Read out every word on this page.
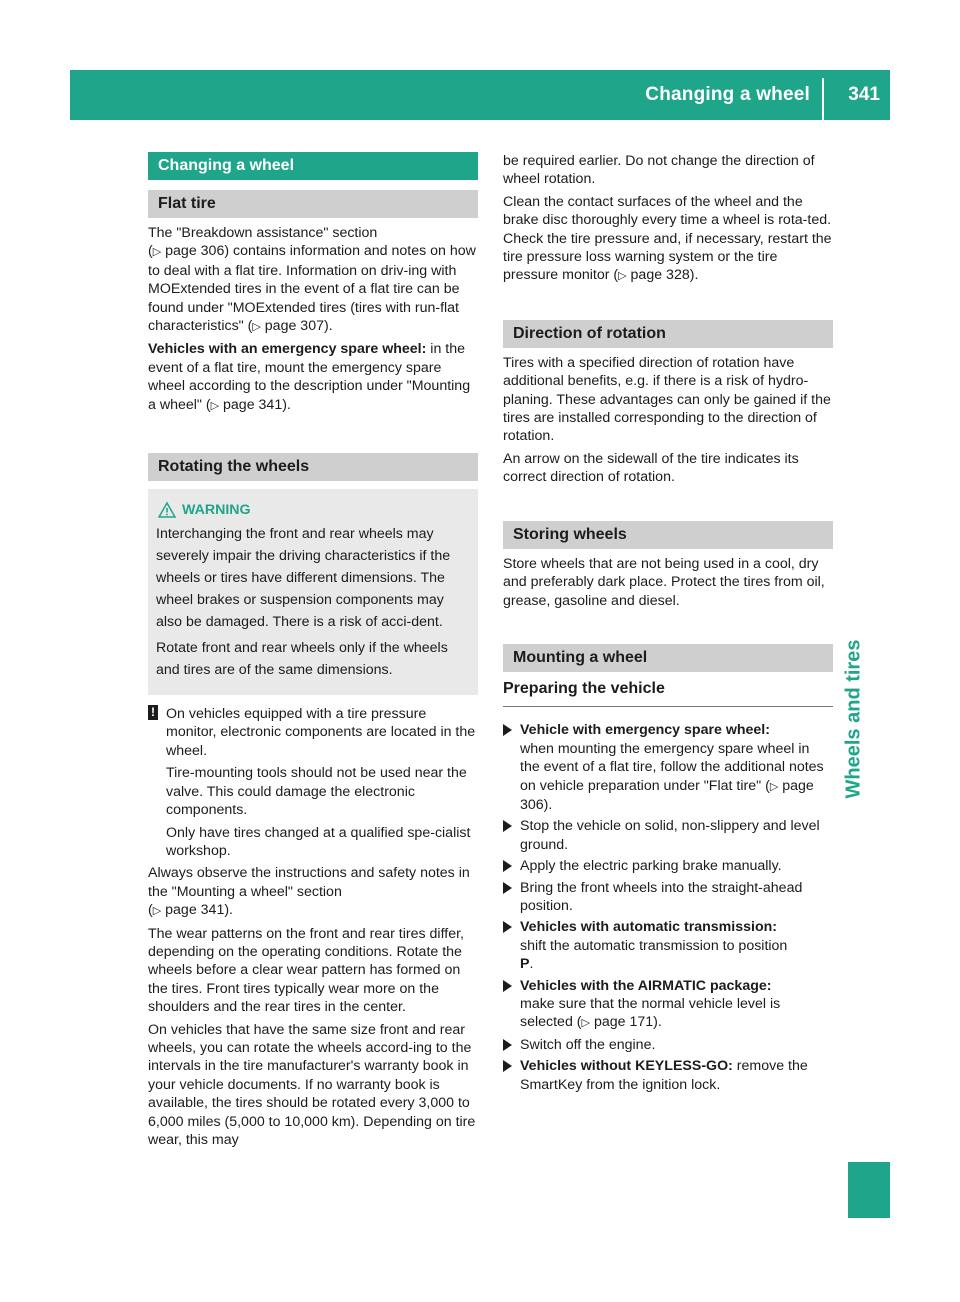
Changing a wheel 341
Wheels and tires
Changing a wheel
Flat tire

The "Breakdown assistance" section
(▷ page 306) contains information and notes on how to deal with a flat tire. Information on driv-ing with MOExtended tires in the event of a flat tire can be found under "MOExtended tires (tires with run-flat characteristics" (▷ page 307).

Vehicles with an emergency spare wheel: in the event of a flat tire, mount the emergency spare wheel according to the description under "Mounting a wheel" (▷ page 341).

Rotating the wheels
WARNING

Interchanging the front and rear wheels may severely impair the driving characteristics if the wheels or tires have different dimensions. The wheel brakes or suspension components may also be damaged. There is a risk of acci-dent.

Rotate front and rear wheels only if the wheels and tires are of the same dimensions.

! On vehicles equipped with a tire pressure monitor, electronic components are located in the wheel.

Tire-mounting tools should not be used near the valve. This could damage the electronic components.

Only have tires changed at a qualified spe-cialist workshop.

Always observe the instructions and safety notes in the "Mounting a wheel" section
(▷ page 341).

The wear patterns on the front and rear tires differ, depending on the operating conditions. Rotate the wheels before a clear wear pattern has formed on the tires. Front tires typically wear more on the shoulders and the rear tires in the center.

On vehicles that have the same size front and rear wheels, you can rotate the wheels accord-ing to the intervals in the tire manufacturer's warranty book in your vehicle documents. If no warranty book is available, the tires should be rotated every 3,000 to 6,000 miles (5,000 to 10,000 km). Depending on tire wear, this may

be required earlier. Do not change the direction of wheel rotation.

Clean the contact surfaces of the wheel and the brake disc thoroughly every time a wheel is rota-ted. Check the tire pressure and, if necessary, restart the tire pressure loss warning system or the tire pressure monitor (▷ page 328).

Direction of rotation

Tires with a specified direction of rotation have additional benefits, e.g. if there is a risk of hydro-planing. These advantages can only be gained if the tires are installed corresponding to the direction of rotation.

An arrow on the sidewall of the tire indicates its correct direction of rotation.

Storing wheels

Store wheels that are not being used in a cool, dry and preferably dark place. Protect the tires from oil, grease, gasoline and diesel.

Mounting a wheel
Preparing the vehicle
Vehicle with emergency spare wheel:
when mounting the emergency spare wheel in the event of a flat tire, follow the additional notes on vehicle preparation under "Flat tire" (▷ page 306).
Stop the vehicle on solid, non-slippery and level ground.
Apply the electric parking brake manually.
Bring the front wheels into the straight-ahead position.
Vehicles with automatic transmission:
shift the automatic transmission to position
P.
Vehicles with the AIRMATIC package:
make sure that the normal vehicle level is selected (▷ page 171).
Switch off the engine.
Vehicles without KEYLESS-GO: remove the SmartKey from the ignition lock.
